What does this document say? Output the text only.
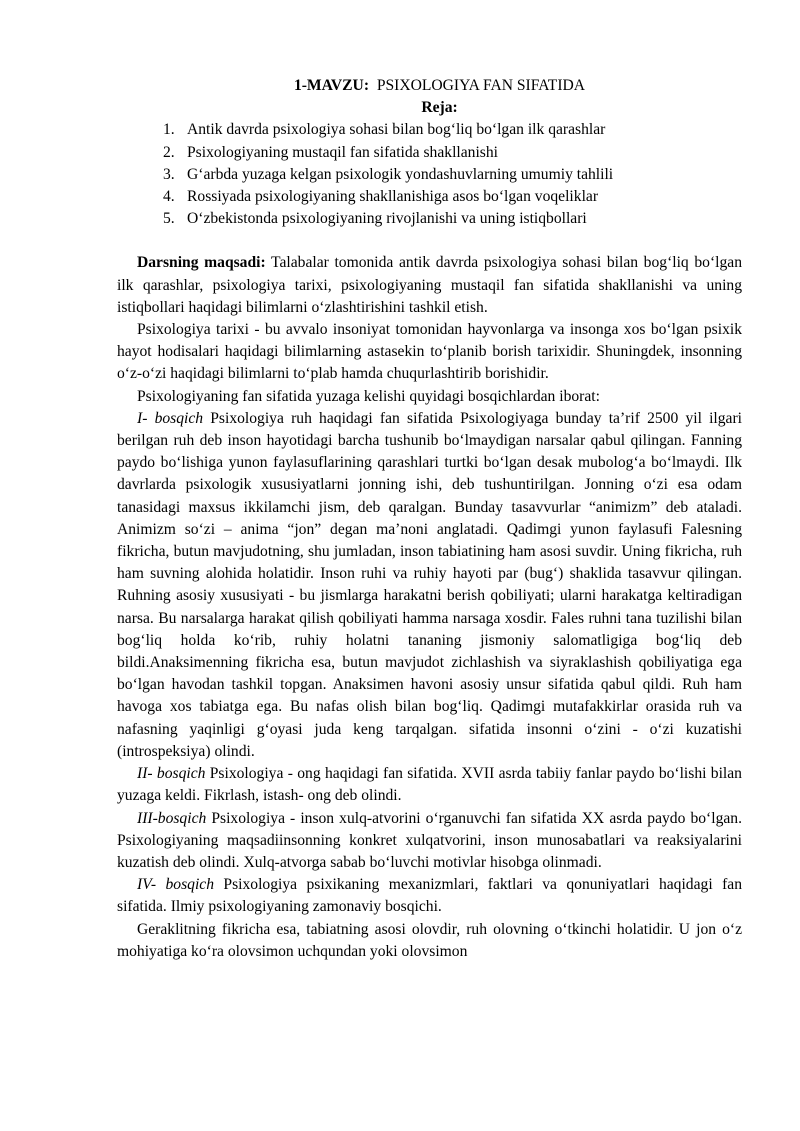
1-MAVZU: PSIXOLOGIYA FAN SIFATIDA

Reja:

1. Antik davrda psixologiya sohasi bilan bog‘liq bo‘lgan ilk qarashlar
2. Psixologiyaning mustaqil fan sifatida shakllanishi
3. G‘arbda yuzaga kelgan psixologik yondashuvlarning umumiy tahlili
4. Rossiyada psixologiyaning shakllanishiga asos bo‘lgan voqeliklar
5. O‘zbekistonda psixologiyaning rivojlanishi va uning istiqbollari

Darsning maqsadi: Talabalar tomonida antik davrda psixologiya sohasi bilan bog‘liq bo‘lgan ilk qarashlar, psixologiya tarixi, psixologiyaning mustaqil fan sifatida shakllanishi va uning istiqbollari haqidagi bilimlarni o‘zlashtirishini tashkil etish.

Psixologiya tarixi - bu avvalo insoniyat tomonidan hayvonlarga va insonga xos bo‘lgan psixik hayot hodisalari haqidagi bilimlarning astasekin to‘planib borish tarixidir. Shuningdek, insonning o‘z-o‘zi haqidagi bilimlarni to‘plab hamda chuqurlashtirib borishidir.

Psixologiyaning fan sifatida yuzaga kelishi quyidagi bosqichlardan iborat:

I- bosqich Psixologiya ruh haqidagi fan sifatida Psixologiyaga bunday ta’rif 2500 yil ilgari berilgan ruh deb inson hayotidagi barcha tushunib bo‘lmaydigan narsalar qabul qilingan. Fanning paydo bo‘lishiga yunon faylasuflarining qarashlari turtki bo‘lgan desak mubolog‘a bo‘lmaydi. Ilk davrlarda psixologik xususiyatlarni jonning ishi, deb tushuntirilgan. Jonning o‘zi esa odam tanasidagi maxsus ikkilamchi jism, deb qaralgan. Bunday tasavvurlar “animizm” deb ataladi. Animizm so‘zi – anima “jon” degan ma’noni anglatadi. Qadimgi yunon faylasufi Falesning fikricha, butun mavjudotning, shu jumladan, inson tabiatining ham asosi suvdir. Uning fikricha, ruh ham suvning alohida holatidir. Inson ruhi va ruhiy hayoti par (bug‘) shaklida tasavvur qilingan. Ruhning asosiy xususiyati - bu jismlarga harakatni berish qobiliyati; ularni harakatga keltiradigan narsa. Bu narsalarga harakat qilish qobiliyati hamma narsaga xosdir. Fales ruhni tana tuzilishi bilan bog‘liq holda ko‘rib, ruhiy holatni tananing jismoniy salomatligiga bog‘liq deb bildi.Anaksimenning fikricha esa, butun mavjudot zichlashish va siyraklashish qobiliyatiga ega bo‘lgan havodan tashkil topgan. Anaksimen havoni asosiy unsur sifatida qabul qildi. Ruh ham havoga xos tabiatga ega. Bu nafas olish bilan bog‘liq. Qadimgi mutafakkirlar orasida ruh va nafasning yaqinligi g‘oyasi juda keng tarqalgan. sifatida insonni o‘zini - o‘zi kuzatishi (introspeksiya) olindi.

II- bosqich Psixologiya - ong haqidagi fan sifatida. XVII asrda tabiiy fanlar paydo bo‘lishi bilan yuzaga keldi. Fikrlash, istash- ong deb olindi.

III-bosqich Psixologiya - inson xulq-atvorini o‘rganuvchi fan sifatida XX asrda paydo bo‘lgan. Psixologiyaning maqsadiinsonning konkret xulqatvorini, inson munosabatlari va reaksiyalarini kuzatish deb olindi. Xulq-atvorga sabab bo‘luvchi motivlar hisobga olinmadi.

IV- bosqich Psixologiya psixikaning mexanizmlari, faktlari va qonuniyatlari haqidagi fan sifatida. Ilmiy psixologiyaning zamonaviy bosqichi.

Geraklitning fikricha esa, tabiatning asosi olovdir, ruh olovning o‘tkinchi holatidir. U jon o‘z mohiyatiga ko‘ra olovsimon uchqundan yoki olovsimon
